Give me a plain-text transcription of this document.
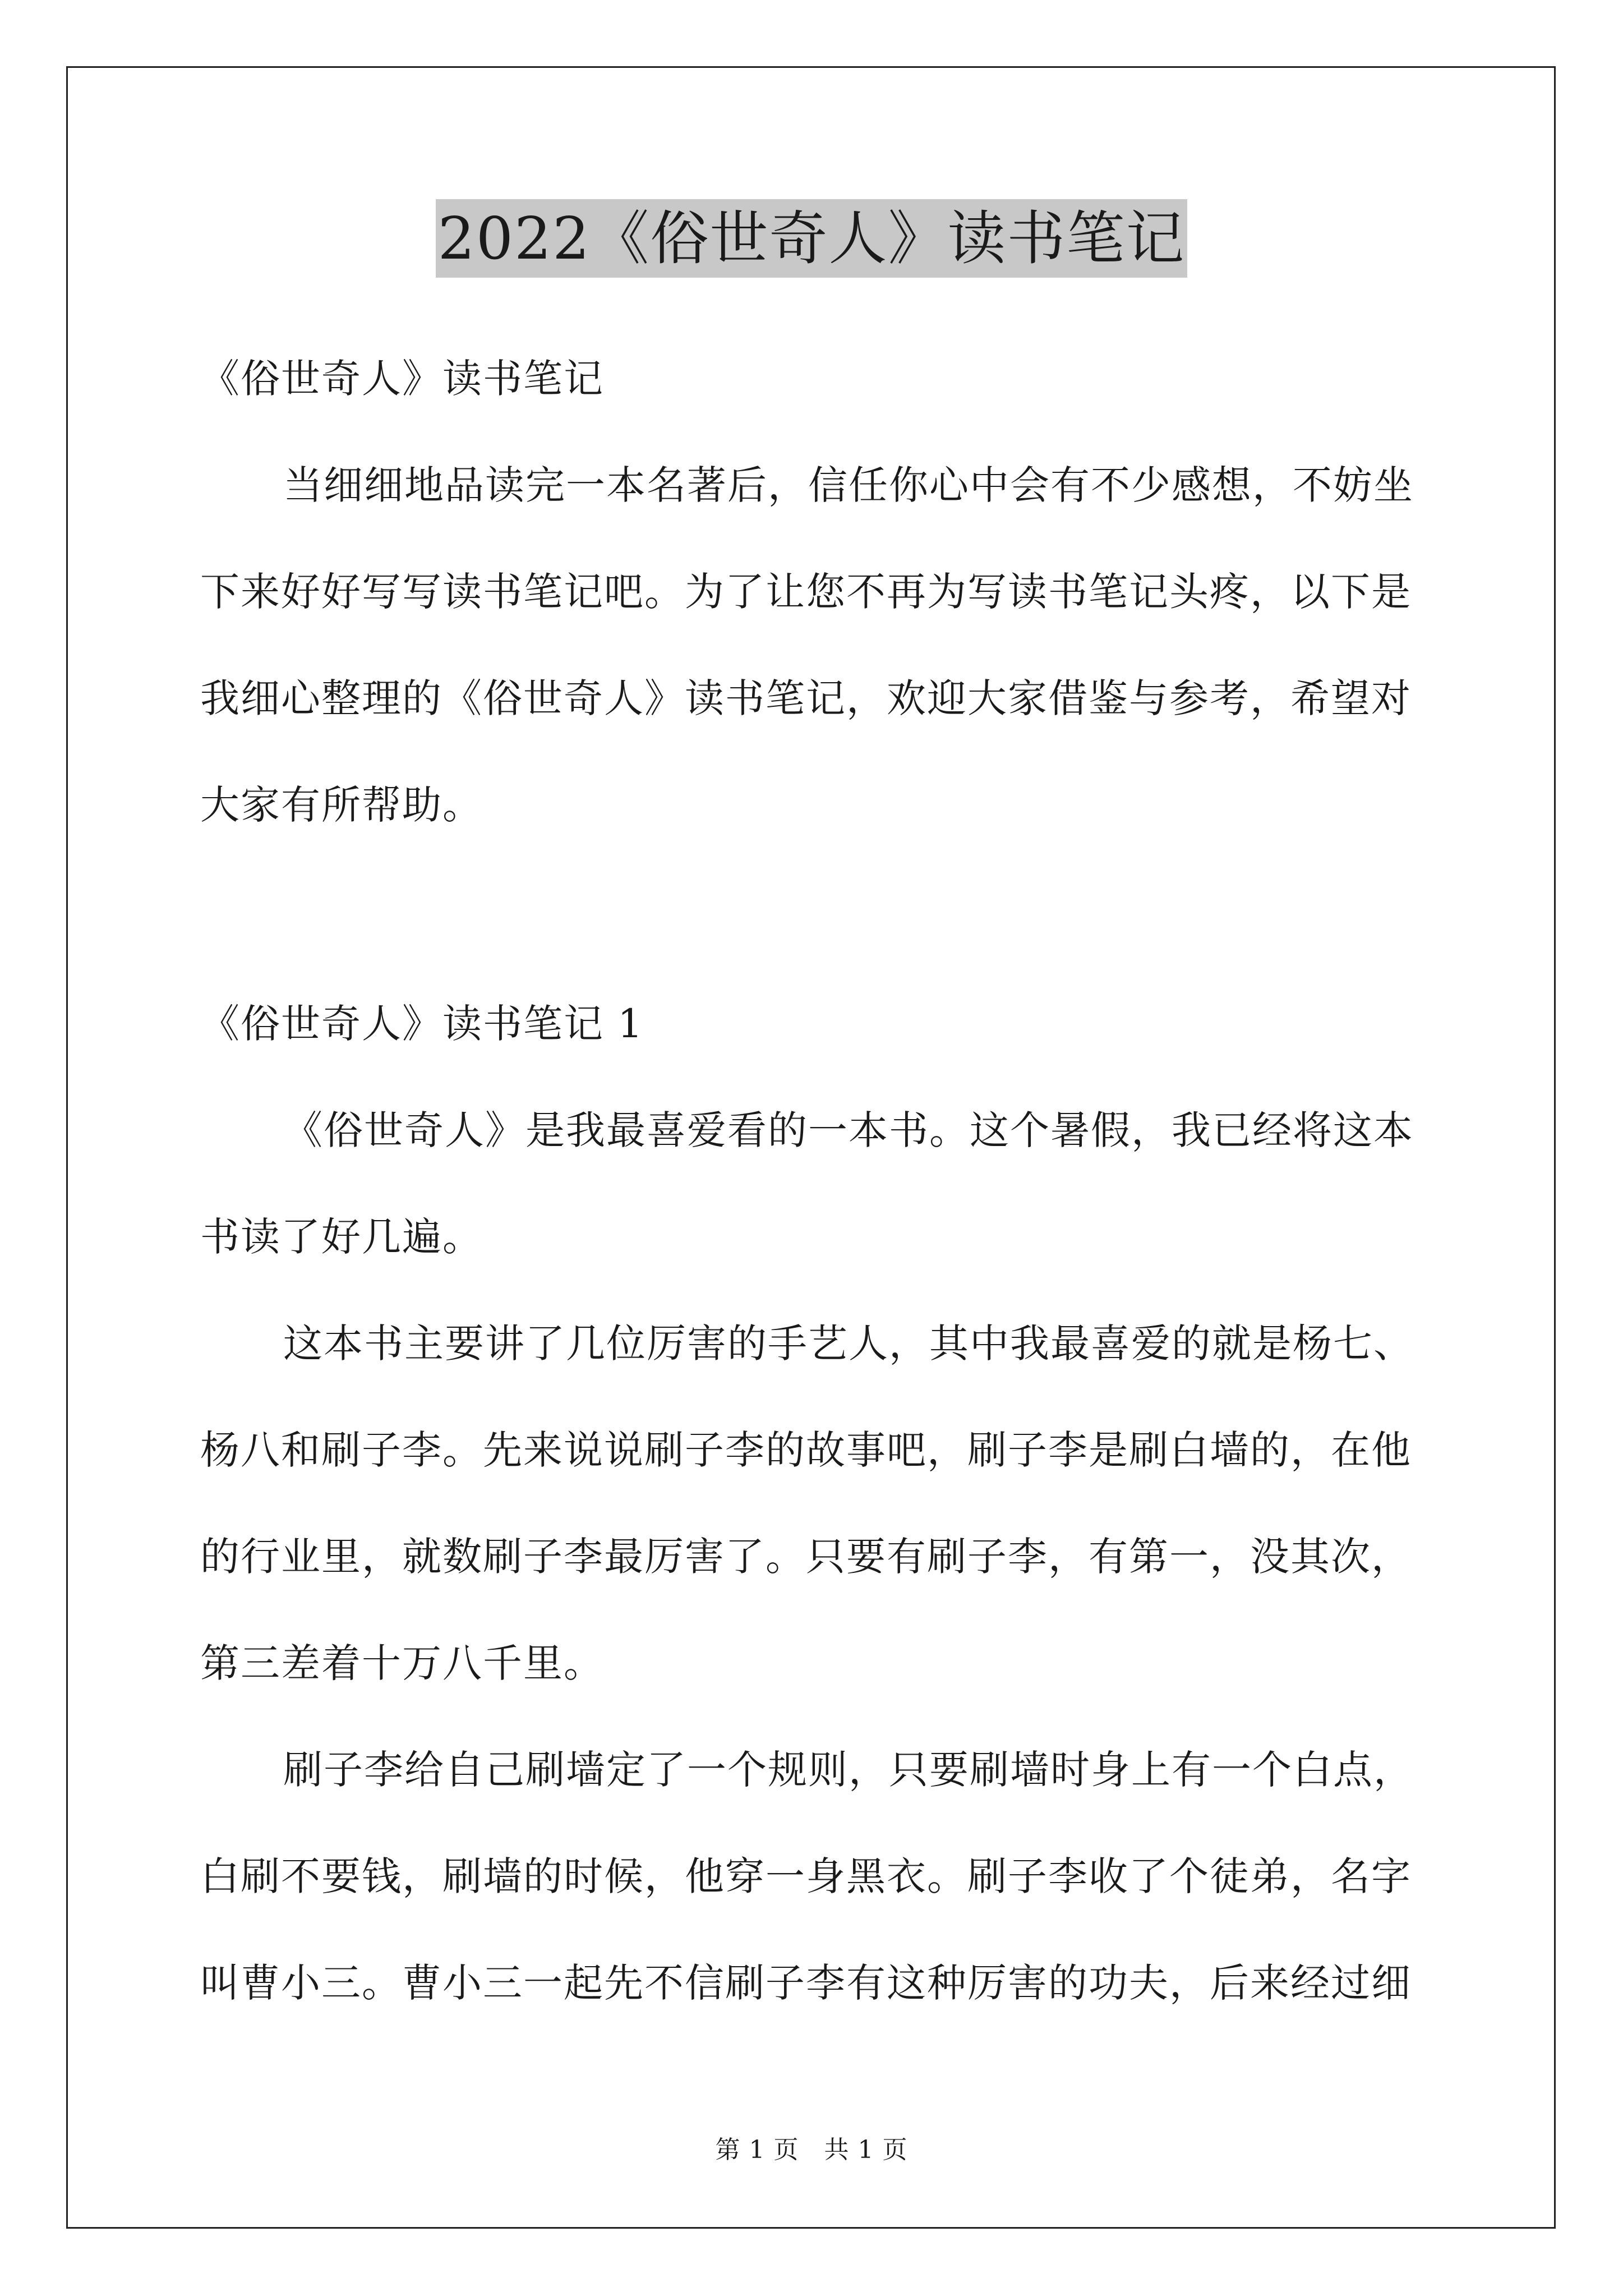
2022《俗世奇人》读书笔记
《俗世奇人》读书笔记
当细细地品读完一本名著后，信任你心中会有不少感想，不妨坐
下来好好写写读书笔记吧。为了让您不再为写读书笔记头疼，以下是
我细心整理的《俗世奇人》读书笔记，欢迎大家借鉴与参考，希望对
大家有所帮助。
《俗世奇人》读书笔记 1
《俗世奇人》是我最喜爱看的一本书。这个暑假，我已经将这本
书读了好几遍。
这本书主要讲了几位厉害的手艺人，其中我最喜爱的就是杨七、
杨八和刷子李。先来说说刷子李的故事吧，刷子李是刷白墙的，在他
的行业里，就数刷子李最厉害了。只要有刷子李，有第一，没其次，
第三差着十万八千里。
刷子李给自己刷墙定了一个规则，只要刷墙时身上有一个白点，
白刷不要钱，刷墙的时候，他穿一身黑衣。刷子李收了个徒弟，名字
叫曹小三。曹小三一起先不信刷子李有这种厉害的功夫，后来经过细
第 1 页　共 1 页
